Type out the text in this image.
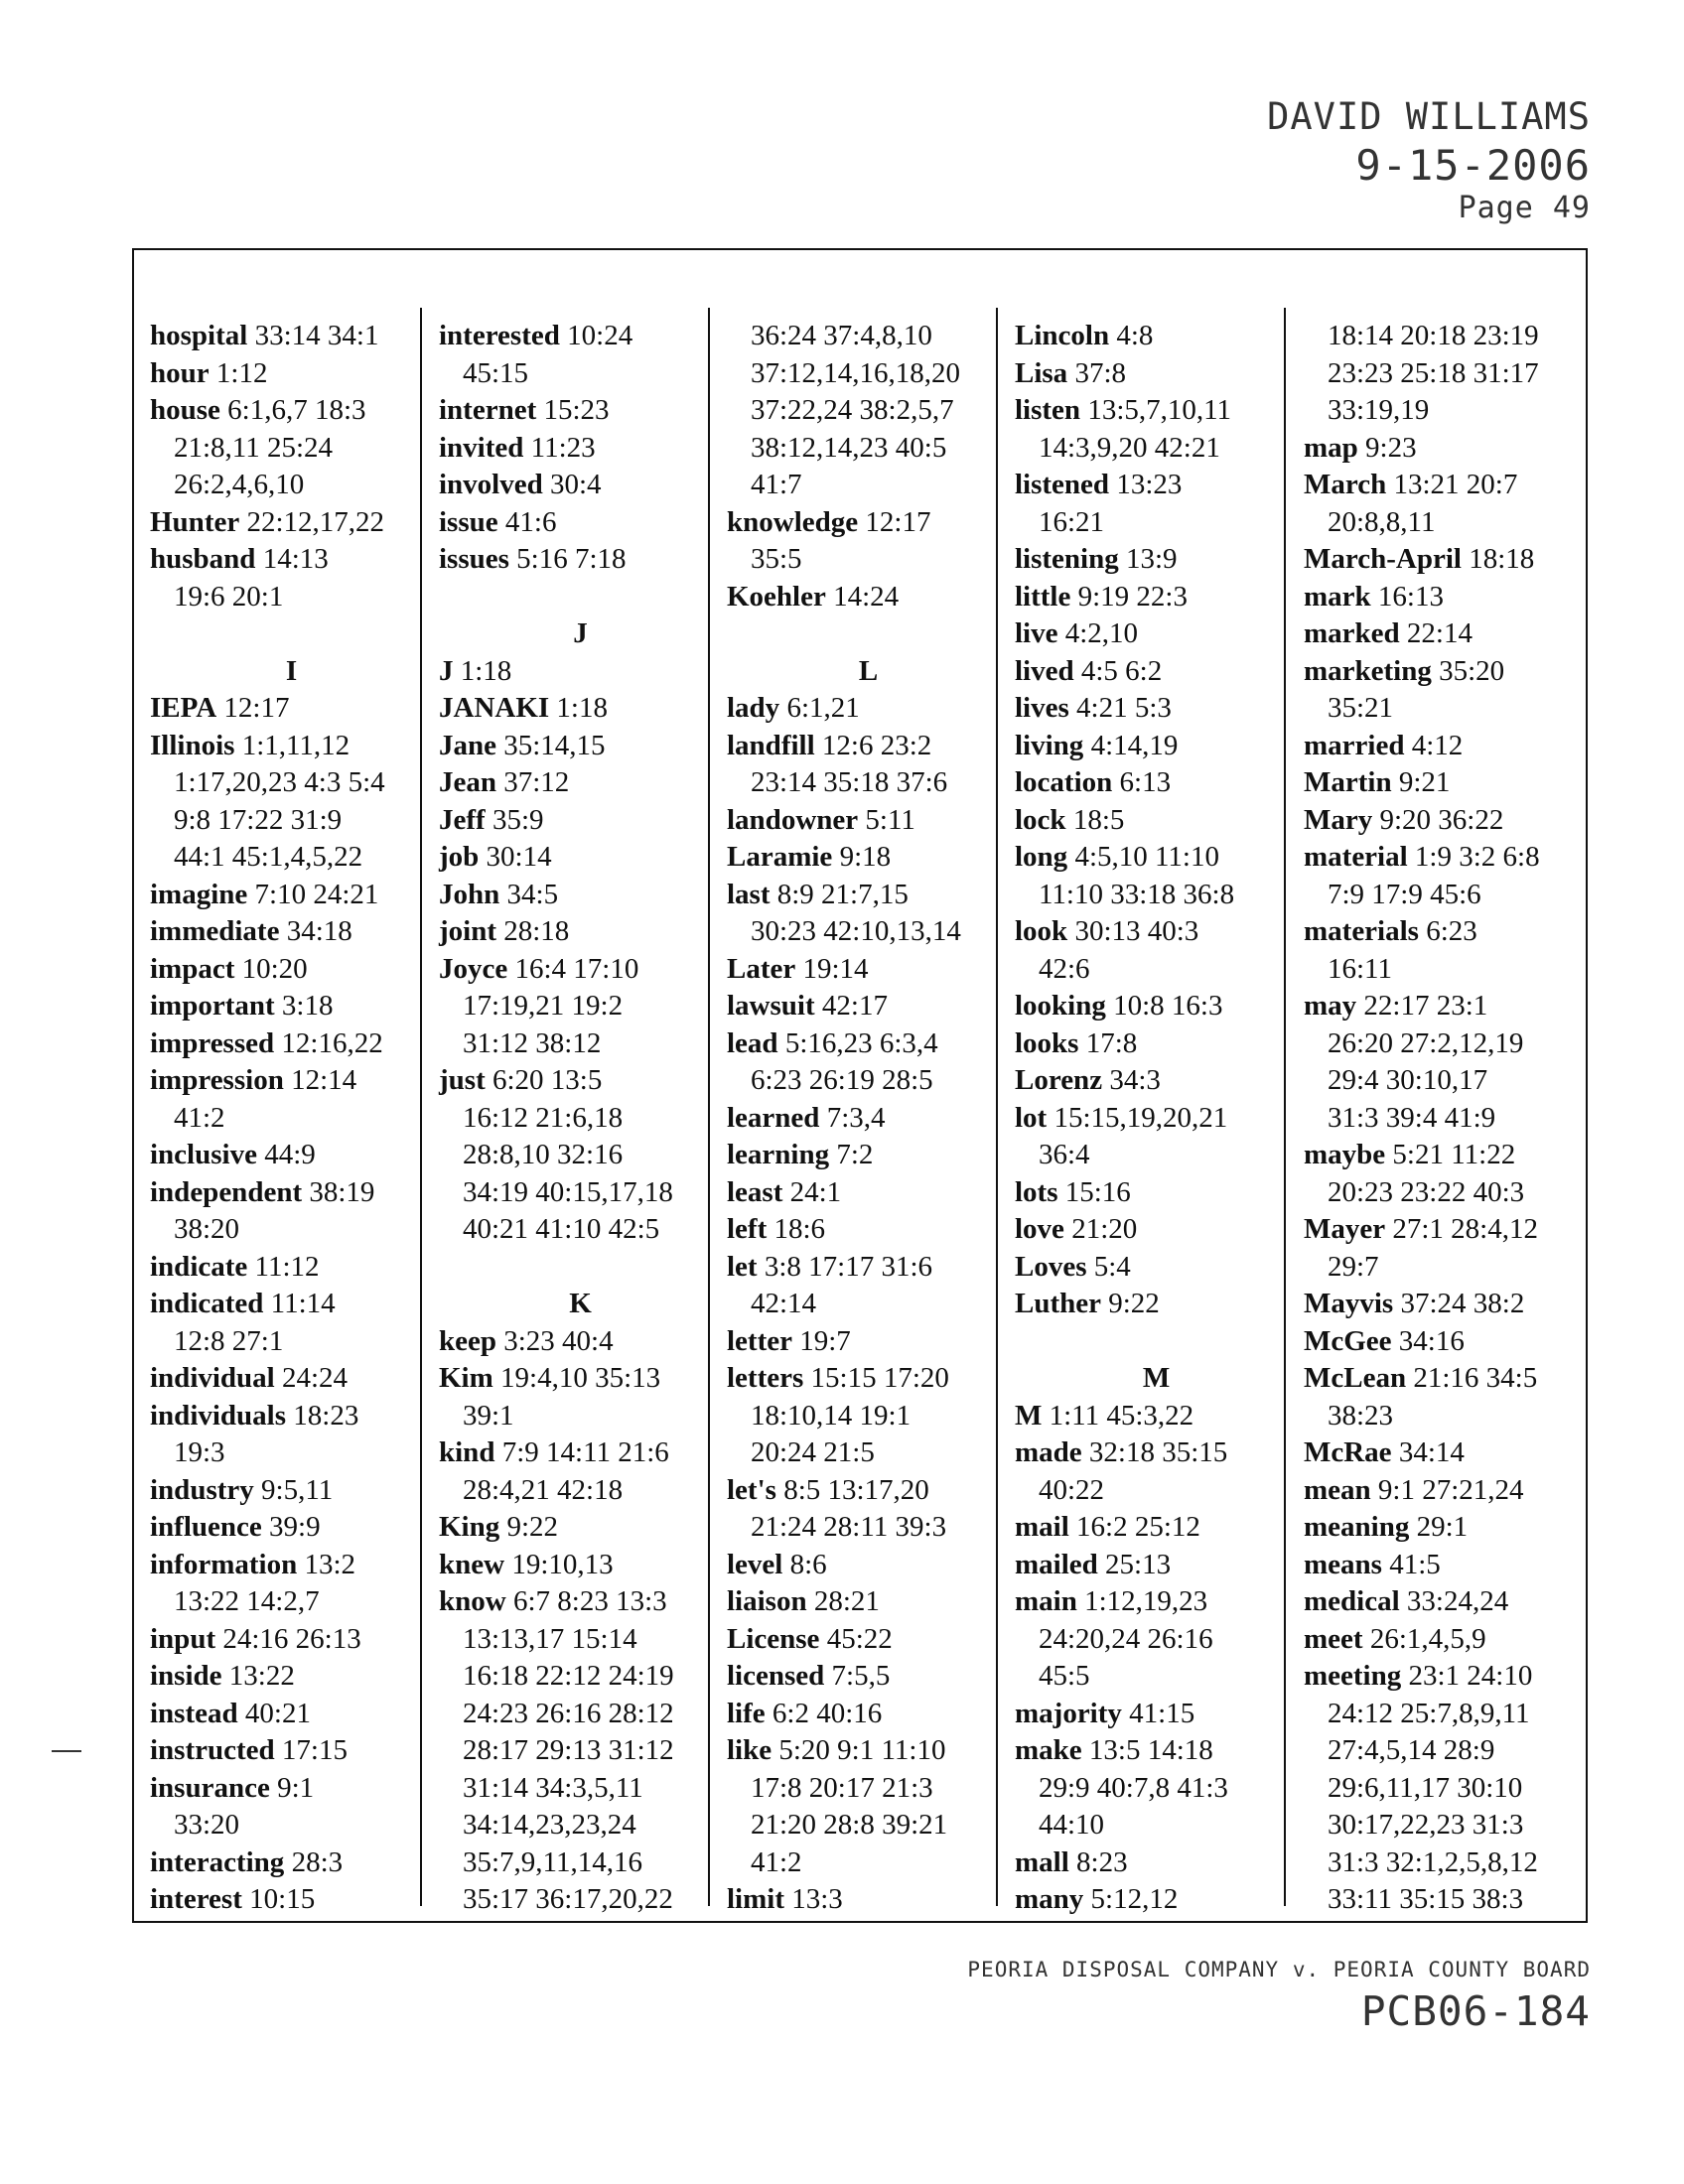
DAVID WILLIAMS
9-15-2006
Page 49
hospital 33:14 34:1
hour 1:12
house 6:1,6,7 18:3
21:8,11 25:24
26:2,4,6,10
Hunter 22:12,17,22
husband 14:13
19:6 20:1
I
IEPA 12:17
Illinois 1:1,11,12
1:17,20,23 4:3 5:4
9:8 17:22 31:9
44:1 45:1,4,5,22
imagine 7:10 24:21
immediate 34:18
impact 10:20
important 3:18
impressed 12:16,22
impression 12:14
41:2
inclusive 44:9
independent 38:19
38:20
indicate 11:12
indicated 11:14
12:8 27:1
individual 24:24
individuals 18:23
19:3
industry 9:5,11
influence 39:9
information 13:2
13:22 14:2,7
input 24:16 26:13
inside 13:22
instead 40:21
instructed 17:15
insurance 9:1
33:20
interacting 28:3
interest 10:15
interested 10:24
45:15
internet 15:23
invited 11:23
involved 30:4
issue 41:6
issues 5:16 7:18
J
J 1:18
JANAKI 1:18
Jane 35:14,15
Jean 37:12
Jeff 35:9
job 30:14
John 34:5
joint 28:18
Joyce 16:4 17:10
17:19,21 19:2
31:12 38:12
just 6:20 13:5
16:12 21:6,18
28:8,10 32:16
34:19 40:15,17,18
40:21 41:10 42:5
K
keep 3:23 40:4
Kim 19:4,10 35:13
39:1
kind 7:9 14:11 21:6
28:4,21 42:18
King 9:22
knew 19:10,13
know 6:7 8:23 13:3
13:13,17 15:14
16:18 22:12 24:19
24:23 26:16 28:12
28:17 29:13 31:12
31:14 34:3,5,11
34:14,23,23,24
35:7,9,11,14,16
35:17 36:17,20,22
36:24 37:4,8,10
37:12,14,16,18,20
37:22,24 38:2,5,7
38:12,14,23 40:5
41:7
knowledge 12:17
35:5
Koehler 14:24
L
lady 6:1,21
landfill 12:6 23:2
23:14 35:18 37:6
landowner 5:11
Laramie 9:18
last 8:9 21:7,15
30:23 42:10,13,14
Later 19:14
lawsuit 42:17
lead 5:16,23 6:3,4
6:23 26:19 28:5
learned 7:3,4
learning 7:2
least 24:1
left 18:6
let 3:8 17:17 31:6
42:14
letter 19:7
letters 15:15 17:20
18:10,14 19:1
20:24 21:5
let's 8:5 13:17,20
21:24 28:11 39:3
level 8:6
liaison 28:21
License 45:22
licensed 7:5,5
life 6:2 40:16
like 5:20 9:1 11:10
17:8 20:17 21:3
21:20 28:8 39:21
41:2
limit 13:3
Lincoln 4:8
Lisa 37:8
listen 13:5,7,10,11
14:3,9,20 42:21
listened 13:23
16:21
listening 13:9
little 9:19 22:3
live 4:2,10
lived 4:5 6:2
lives 4:21 5:3
living 4:14,19
location 6:13
lock 18:5
long 4:5,10 11:10
11:10 33:18 36:8
look 30:13 40:3
42:6
looking 10:8 16:3
looks 17:8
Lorenz 34:3
lot 15:15,19,20,21
36:4
lots 15:16
love 21:20
Loves 5:4
Luther 9:22
M
M 1:11 45:3,22
made 32:18 35:15
40:22
mail 16:2 25:12
mailed 25:13
main 1:12,19,23
24:20,24 26:16
45:5
majority 41:15
make 13:5 14:18
29:9 40:7,8 41:3
44:10
mall 8:23
many 5:12,12
18:14 20:18 23:19
23:23 25:18 31:17
33:19,19
map 9:23
March 13:21 20:7
20:8,8,11
March-April 18:18
mark 16:13
marked 22:14
marketing 35:20
35:21
married 4:12
Martin 9:21
Mary 9:20 36:22
material 1:9 3:2 6:8
7:9 17:9 45:6
materials 6:23
16:11
may 22:17 23:1
26:20 27:2,12,19
29:4 30:10,17
31:3 39:4 41:9
maybe 5:21 11:22
20:23 23:22 40:3
Mayer 27:1 28:4,12
29:7
Mayvis 37:24 38:2
McGee 34:16
McLean 21:16 34:5
38:23
McRae 34:14
mean 9:1 27:21,24
meaning 29:1
means 41:5
medical 33:24,24
meet 26:1,4,5,9
meeting 23:1 24:10
24:12 25:7,8,9,11
27:4,5,14 28:9
29:6,11,17 30:10
30:17,22,23 31:3
31:3 32:1,2,5,8,12
33:11 35:15 38:3
PEORIA DISPOSAL COMPANY v. PEORIA COUNTY BOARD
PCB06-184
